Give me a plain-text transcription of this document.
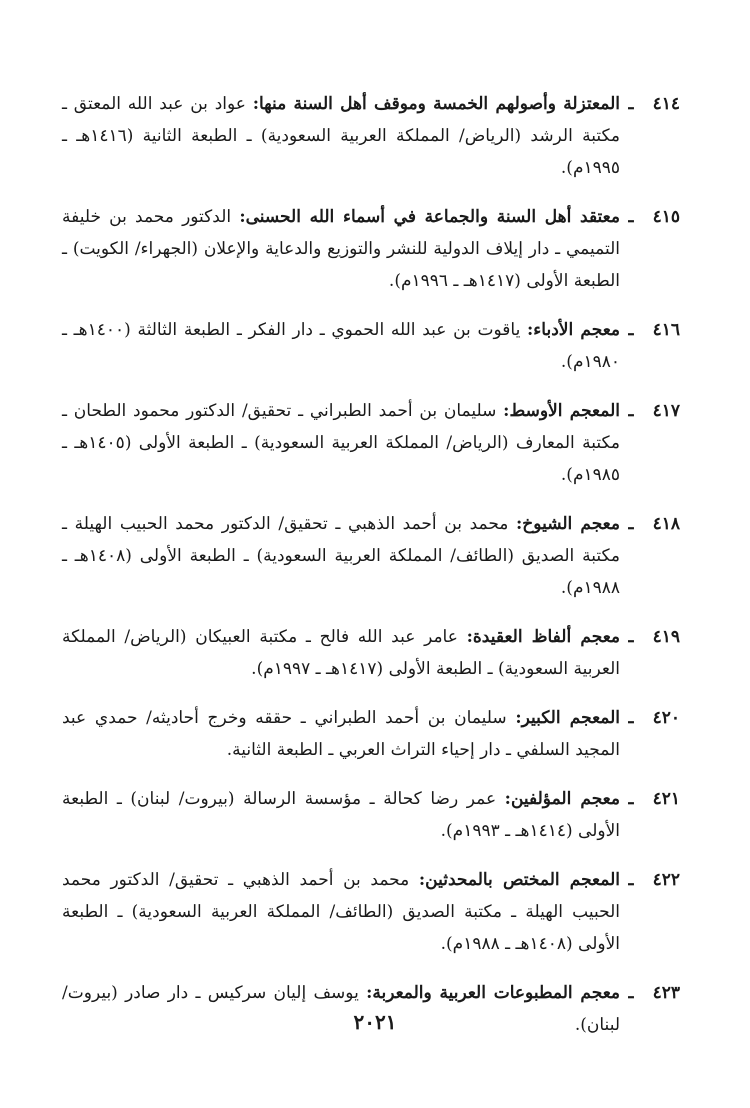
٤١٤
ـ
المعتزلة وأصولهم الخمسة وموقف أهل السنة منها: عواد بن عبد الله المعتق ـ مكتبة الرشد (الرياض/ المملكة العربية السعودية) ـ الطبعة الثانية (١٤١٦هـ ـ ١٩٩٥م).
٤١٥
ـ
معتقد أهل السنة والجماعة في أسماء الله الحسنى: الدكتور محمد بن خليفة التميمي ـ دار إيلاف الدولية للنشر والتوزيع والدعاية والإعلان (الجهراء/ الكويت) ـ الطبعة الأولى (١٤١٧هـ ـ ١٩٩٦م).
٤١٦
ـ
معجم الأدباء: ياقوت بن عبد الله الحموي ـ دار الفكر ـ الطبعة الثالثة (١٤٠٠هـ ـ ١٩٨٠م).
٤١٧
ـ
المعجم الأوسط: سليمان بن أحمد الطبراني ـ تحقيق/ الدكتور محمود الطحان ـ مكتبة المعارف (الرياض/ المملكة العربية السعودية) ـ الطبعة الأولى (١٤٠٥هـ ـ ١٩٨٥م).
٤١٨
ـ
معجم الشيوخ: محمد بن أحمد الذهبي ـ تحقيق/ الدكتور محمد الحبيب الهيلة ـ مكتبة الصديق (الطائف/ المملكة العربية السعودية) ـ الطبعة الأولى (١٤٠٨هـ ـ ١٩٨٨م).
٤١٩
ـ
معجم ألفاظ العقيدة: عامر عبد الله فالح ـ مكتبة العبيكان (الرياض/ المملكة العربية السعودية) ـ الطبعة الأولى (١٤١٧هـ ـ ١٩٩٧م).
٤٢٠
ـ
المعجم الكبير: سليمان بن أحمد الطبراني ـ حققه وخرج أحاديثه/ حمدي عبد المجيد السلفي ـ دار إحياء التراث العربي ـ الطبعة الثانية.
٤٢١
ـ
معجم المؤلفين: عمر رضا كحالة ـ مؤسسة الرسالة (بيروت/ لبنان) ـ الطبعة الأولى (١٤١٤هـ ـ ١٩٩٣م).
٤٢٢
ـ
المعجم المختص بالمحدثين: محمد بن أحمد الذهبي ـ تحقيق/ الدكتور محمد الحبيب الهيلة ـ مكتبة الصديق (الطائف/ المملكة العربية السعودية) ـ الطبعة الأولى (١٤٠٨هـ ـ ١٩٨٨م).
٤٢٣
ـ
معجم المطبوعات العربية والمعربة: يوسف إليان سركيس ـ دار صادر (بيروت/ لبنان).
٢٠٢١
